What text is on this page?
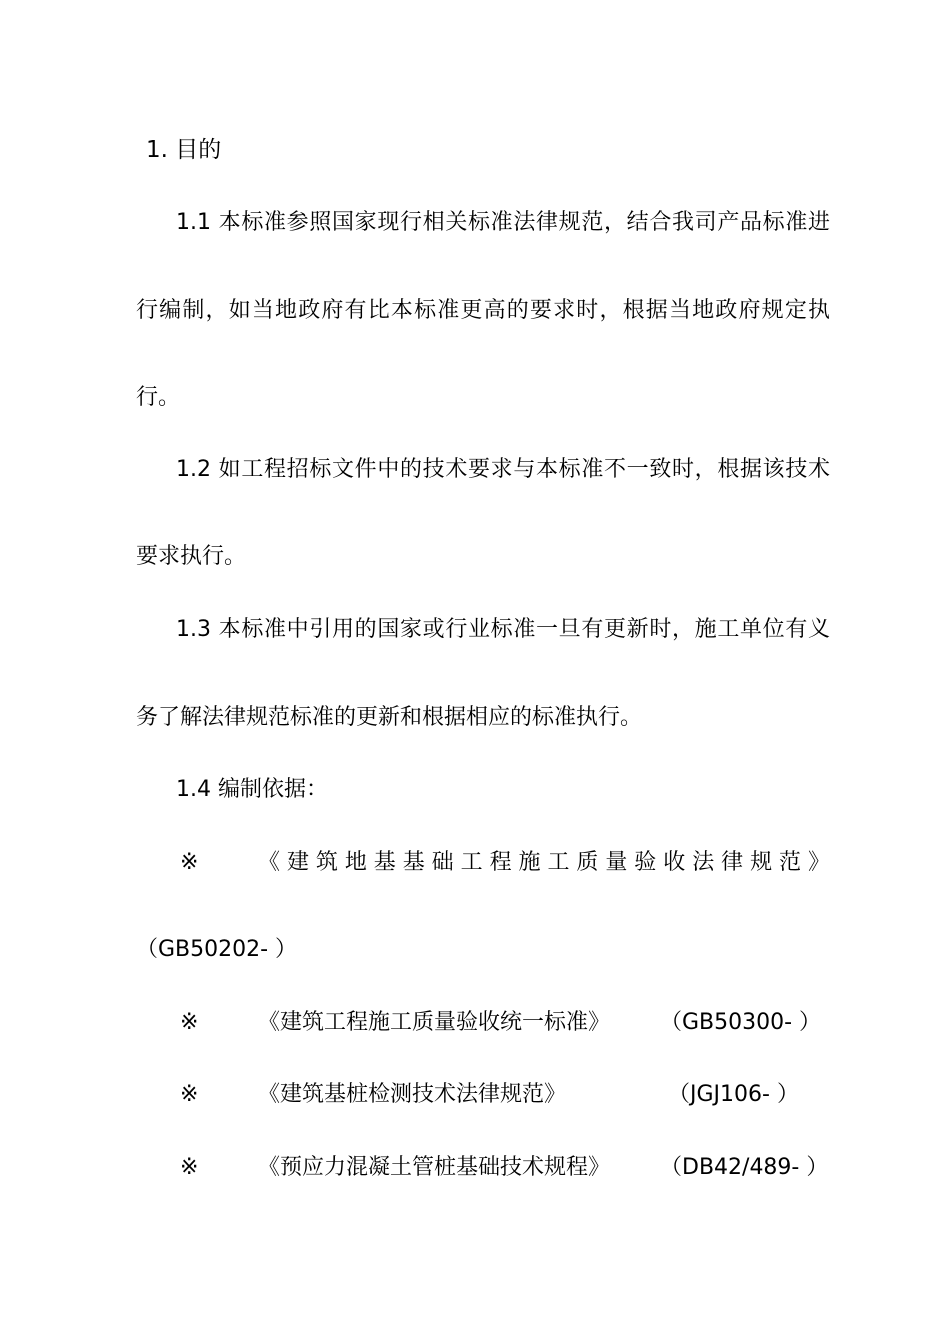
1. 目的
1.1 本标准参照国家现行相关标准法律规范，结合我司产品标准进
行编制，如当地政府有比本标准更高的要求时，根据当地政府规定执
行。
1.2 如工程招标文件中的技术要求与本标准不一致时，根据该技术
要求执行。
1.3 本标准中引用的国家或行业标准一旦有更新时，施工单位有义
务了解法律规范标准的更新和根据相应的标准执行。
1.4 编制依据：
※	《建筑地基基础工程施工质量验收法律规范》
（GB50202- ）
※	《建筑工程施工质量验收统一标准》 （GB50300- ）
※	《建筑基桩检测技术法律规范》	（JGJ106- ）
※	《预应力混凝土管桩基础技术规程》 （DB42/489- ）
